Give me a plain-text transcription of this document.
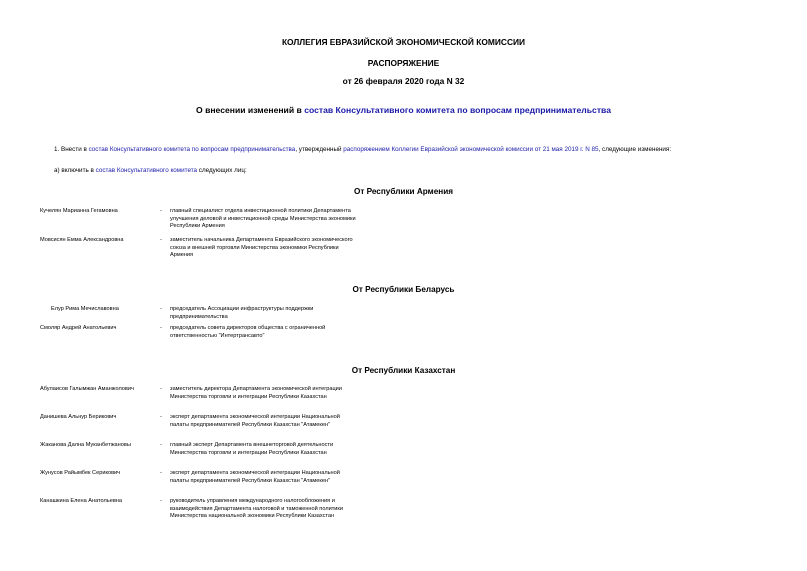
КОЛЛЕГИЯ ЕВРАЗИЙСКОЙ ЭКОНОМИЧЕСКОЙ КОМИССИИ
РАСПОРЯЖЕНИЕ
от 26 февраля 2020 года N 32
О внесении изменений в состав Консультативного комитета по вопросам предпринимательства
1. Внести в состав Консультативного комитета по вопросам предпринимательства, утвержденный распоряжением Коллегии Евразийской экономической комиссии от 21 мая 2019 г. N 85, следующие изменения:
а) включить в состав Консультативного комитета следующих лиц:
От Республики Армения
Кучелян Марианна Гегамовна	- главный специалист отдела инвестиционной политики Департамента улучшения деловой и инвестиционной среды Министерства экономики Республики Армения
Мовсисян Емма Александровна	- заместитель начальника Департамента Евразийского экономического союза и внешней торговли Министерства экономики Республики Армения
От Республики Беларусь
Елур Рима Мечиславовна	- председатель Ассоциации инфраструктуры поддержки предпринимательства
Смоляр Андрей Анатольевич	- председатель совета директоров общества с ограниченной ответственностью "Интертрансавто"
От Республики Казахстан
Абулаисов Галымжан Аманжолович	- заместитель директора Департамента экономической интеграции Министерства торговли и интеграции Республики Казахстан
Данишева Альнур Берикович	- эксперт департамента экономической интеграции Национальной палаты предпринимателей Республики Казахстан "Атамекен"
Жаканова Дална Муканбетжановы	- главный эксперт Департамента внешнеторговой деятельности Министерства торговли и интеграции Республики Казахстан
Жунусов Райымбек Серикович	- эксперт департамента экономической интеграции Национальной палаты предпринимателей Республики Казахстан "Атамекен"
Канашкина Елена Анатольевна	- руководитель управления международного налогообложения и взаимодействия Департамента налоговой и таможенной политики Министерства национальной экономики Республики Казахстан
